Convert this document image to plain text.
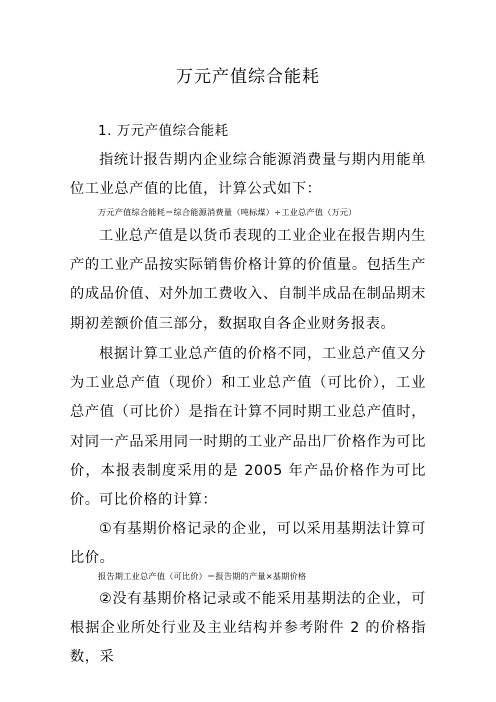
万元产值综合能耗

1. 万元产值综合能耗

指统计报告期内企业综合能源消费量与期内用能单位工业总产值的比值，计算公式如下：

万元产值综合能耗＝综合能源消费量（吨标煤）÷工业总产值（万元）

工业总产值是以货币表现的工业企业在报告期内生产的工业产品按实际销售价格计算的价值量。包括生产的成品价值、对外加工费收入、自制半成品在制品期末期初差额价值三部分，数据取自各企业财务报表。

根据计算工业总产值的价格不同，工业总产值又分为工业总产值（现价）和工业总产值（可比价），工业总产值（可比价）是指在计算不同时期工业总产值时，对同一产品采用同一时期的工业产品出厂价格作为可比价，本报表制度采用的是 2005 年产品价格作为可比价。 可比价格的计算：

①有基期价格记录的企业，可以采用基期法计算可比价。

报告期工业总产值（可比价）＝报告期的产量×基期价格

②没有基期价格记录或不能采用基期法的企业，可根据企业所处行业及主业结构并参考附件 2 的价格指数，采
